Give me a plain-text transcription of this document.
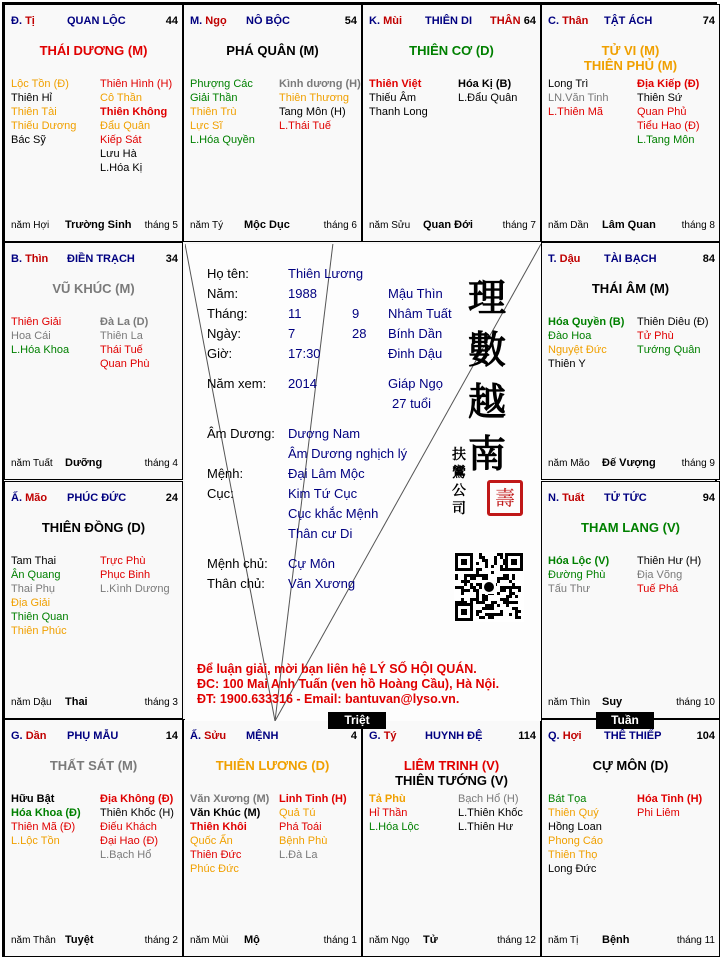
Đ. Tị	QUAN LỘC	44
THÁI DƯƠNG (M)
Lộc Tồn (Đ)
Thiên Hỉ
Thiên Tài
Thiếu Dương
Bác Sỹ
Thiên Hình (H)
Cô Thần
Thiên Không
Đẩu Quân
Kiếp Sát
Lưu Hà
L.Hóa Kị
năm Hợi Trường Sinh tháng 5
M. Ngọ NÔ BỘC	54
PHÁ QUÂN (M)
Phượng Các
Giải Thần
Thiên Trù
Lực Sĩ
L.Hóa Quyền
Kình dương (H)
Thiên Thương
Tang Môn (H)
L.Thái Tuế
năm Tý Mộc Dục	tháng 6
K. Mùi THIÊN DI THÂN 64
THIÊN CƠ (D)
Thiên Việt
Thiếu Âm
Thanh Long
Hóa Kị (B)
L.Đẩu Quân
năm Sửu Quan Đới	tháng 7
C. Thân TẬT ÁCH	74
TỬ VI (M)
THIÊN PHỦ (M)
Long Trì
LN.Văn Tinh
L.Thiên Mã
Địa Kiếp (Đ)
Thiên Sứ
Quan Phủ
Tiểu Hao (Đ)
L.Tang Môn
năm Dần Lâm Quan	tháng 8
B. Thìn ĐIỀN TRẠCH	34
VŨ KHÚC (M)
Thiên Giải
Hoa Cái
L.Hóa Khoa
Đà La (D)
Thiên La
Thái Tuế
Quan Phù
năm Tuất Dưỡng	tháng 4
T. Dậu TÀI BẠCH	84
THÁI ÂM (M)
Hóa Quyền (B)
Đào Hoa
Nguyệt Đức
Thiên Y
Thiên Diêu (Đ)
Tử Phù
Tướng Quân
năm Mão Đế Vượng	tháng 9
Ấ. Mão PHÚC ĐỨC	24
THIÊN ĐỒNG (D)
Tam Thai
Ân Quang
Thai Phụ
Địa Giải
Thiên Quan
Thiên Phúc
Trực Phù
Phục Binh
L.Kình Dương
năm Dậu Thai	tháng 3
N. Tuất TỬ TỨC	94
THAM LANG (V)
Hóa Lộc (V)
Đường Phù
Tấu Thư
Thiên Hư (H)
Địa Võng
Tuế Phá
năm Thìn Suy	tháng 10
G. Dần PHỤ MẪU	14
THẤT SÁT (M)
Hữu Bật
Hóa Khoa (Đ)
Thiên Mã (Đ)
L.Lộc Tồn
Địa Không (Đ)
Thiên Khốc (H)
Điếu Khách
Đại Hao (Đ)
L.Bạch Hổ
năm Thân Tuyệt	tháng 2
Ấ. Sửu MỆNH	4
THIÊN LƯƠNG (D)
Văn Xương (M)
Văn Khúc (M)
Thiên Khôi
Quốc Ấn
Thiên Đức
Phúc Đức
Linh Tinh (H)
Quả Tú
Phá Toái
Bệnh Phù
L.Đà La
năm Mùi Mộ	tháng 1
G. Tý	HUYNH ĐỆ	114
LIÊM TRINH (V)
THIÊN TƯỚNG (V)
Tả Phù
Hỉ Thần
L.Hóa Lộc
Bạch Hổ (H)
L.Thiên Khốc
L.Thiên Hư
năm Ngọ Tử	tháng 12
Q. Hợi THÊ THIẾP	104
CỰ MÔN (D)
Bát Tọa
Thiên Quý
Hồng Loan
Phong Cáo
Thiên Thọ
Long Đức
Hóa Tinh (H)
Phi Liêm
năm Tị Bệnh	tháng 11
Họ tên:	Thiên Lương
Năm:	1988	Mậu Thìn
Tháng:	11	9 Nhâm Tuất
Ngày:	7	28 Bính Dần
Giờ:	17:30	Đinh Dậu
Năm xem: 2014	Giáp Ngọ
27 tuổi
Âm Dương: Dương Nam
Âm Dương nghịch lý
Mệnh:	Đại Lâm Mộc
Cục:	Kim Tứ Cục
Cục khắc Mệnh
Thân cư Di
Mệnh chủ: Cự Môn
Thân chủ: Văn Xương
理
數
越
南
扶鸞公司	壽
Để luận giải, mời bạn liên hệ LÝ SỐ HỘI QUÁN.
ĐC: 100 Mai Anh Tuấn (ven hồ Hoàng Cầu), Hà Nội.
ĐT: 1900.633316 - Email: bantuvan@lyso.vn.
Triệt	Tuần
